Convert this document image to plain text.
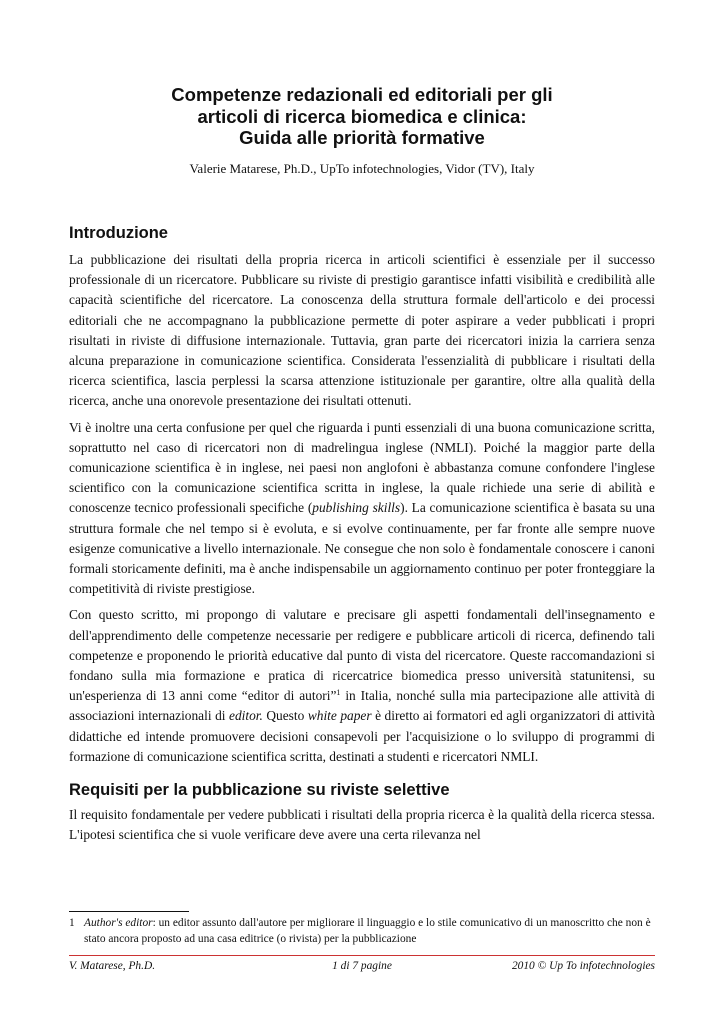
Competenze redazionali ed editoriali per gli
articoli di ricerca biomedica e clinica:
Guida alle priorità formative
Valerie Matarese, Ph.D., UpTo infotechnologies, Vidor (TV), Italy
Introduzione

La pubblicazione dei risultati della propria ricerca in articoli scientifici è essenziale per il successo professionale di un ricercatore. Pubblicare su riviste di prestigio garantisce infatti visibilità e credibilità alle capacità scientifiche del ricercatore. La conoscenza della struttura formale dell'articolo e dei processi editoriali che ne accompagnano la pubblicazione permette di poter aspirare a veder pubblicati i propri risultati in riviste di diffusione internazionale. Tuttavia, gran parte dei ricercatori inizia la carriera senza alcuna preparazione in comunicazione scientifica. Considerata l'essenzialità di pubblicare i risultati della ricerca scientifica, lascia perplessi la scarsa attenzione istituzionale per garantire, oltre alla qualità della ricerca, anche una onorevole presentazione dei risultati ottenuti.

Vi è inoltre una certa confusione per quel che riguarda i punti essenziali di una buona comunicazione scritta, soprattutto nel caso di ricercatori non di madrelingua inglese (NMLI). Poiché la maggior parte della comunicazione scientifica è in inglese, nei paesi non anglofoni è abbastanza comune confondere l'inglese scientifico con la comunicazione scientifica scritta in inglese, la quale richiede una serie di abilità e conoscenze tecnico professionali specifiche (publishing skills). La comunicazione scientifica è basata su una struttura formale che nel tempo si è evoluta, e si evolve continuamente, per far fronte alle sempre nuove esigenze comunicative a livello internazionale. Ne consegue che non solo è fondamentale conoscere i canoni formali storicamente definiti, ma è anche indispensabile un aggiornamento continuo per poter fronteggiare la competitività di riviste prestigiose.

Con questo scritto, mi propongo di valutare e precisare gli aspetti fondamentali dell'insegnamento e dell'apprendimento delle competenze necessarie per redigere e pubblicare articoli di ricerca, definendo tali competenze e proponendo le priorità educative dal punto di vista del ricercatore. Queste raccomandazioni si fondano sulla mia formazione e pratica di ricercatrice biomedica presso università statunitensi, su un'esperienza di 13 anni come “editor di autori”$^1$ in Italia, nonché sulla mia partecipazione alle attività di associazioni internazionali di editor. Questo white paper è diretto ai formatori ed agli organizzatori di attività didattiche ed intende promuovere decisioni consapevoli per l'acquisizione o lo sviluppo di programmi di formazione di comunicazione scientifica scritta, destinati a studenti e ricercatori NMLI.

Requisiti per la pubblicazione su riviste selettive

Il requisito fondamentale per vedere pubblicati i risultati della propria ricerca è la qualità della ricerca stessa. L'ipotesi scientifica che si vuole verificare deve avere una certa rilevanza nel

1 Author's editor: un editor assunto dall'autore per migliorare il linguaggio e lo stile comunicativo di un manoscritto che non è stato ancora proposto ad una casa editrice (o rivista) per la pubblicazione
1 di 7 pagine
V. Matarese, Ph.D.	2010 © Up To infotechnologies
